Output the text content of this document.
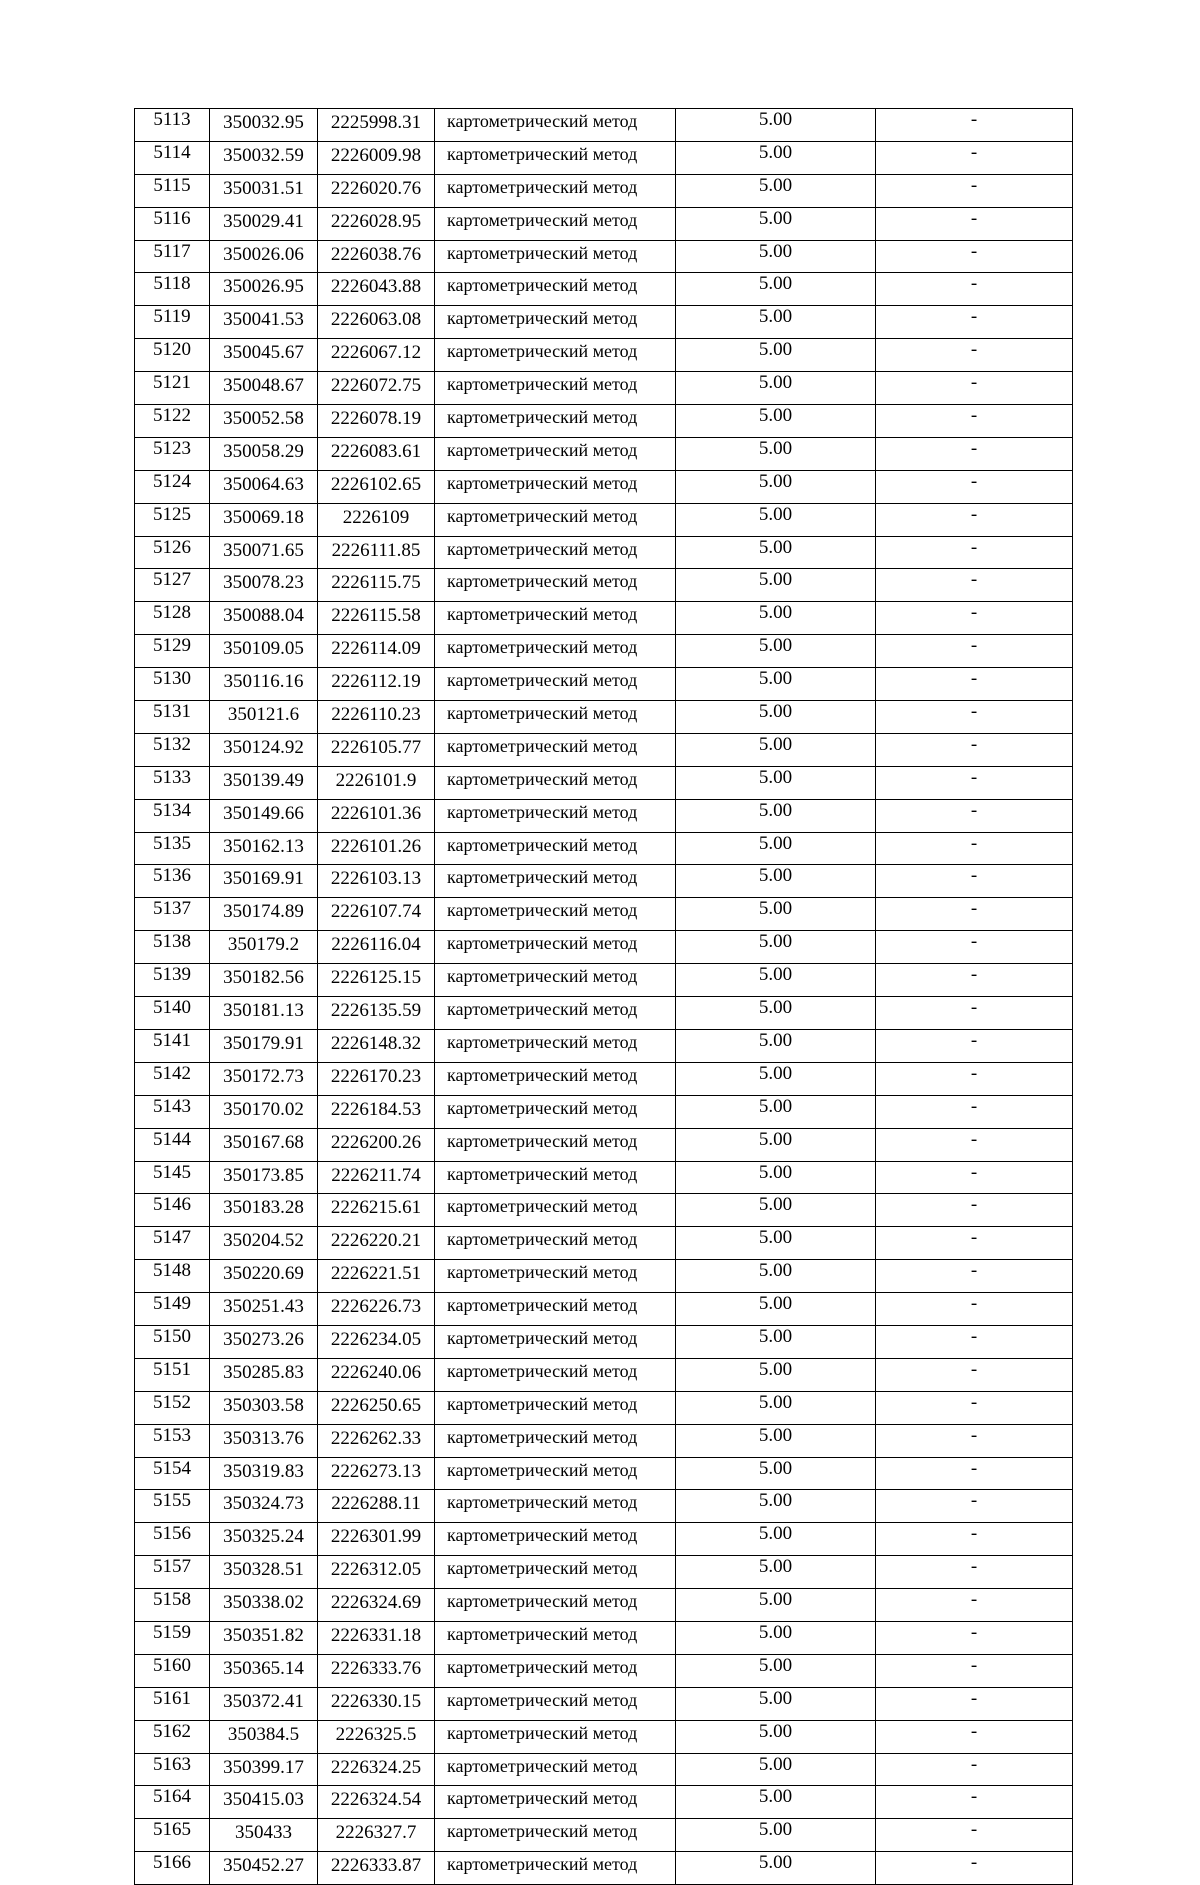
5113	350032.95	2225998.31	картометрический метод	5.00	-
5114	350032.59	2226009.98	картометрический метод	5.00	-
5115	350031.51	2226020.76	картометрический метод	5.00	-
5116	350029.41	2226028.95	картометрический метод	5.00	-
5117	350026.06	2226038.76	картометрический метод	5.00	-
5118	350026.95	2226043.88	картометрический метод	5.00	-
5119	350041.53	2226063.08	картометрический метод	5.00	-
5120	350045.67	2226067.12	картометрический метод	5.00	-
5121	350048.67	2226072.75	картометрический метод	5.00	-
5122	350052.58	2226078.19	картометрический метод	5.00	-
5123	350058.29	2226083.61	картометрический метод	5.00	-
5124	350064.63	2226102.65	картометрический метод	5.00	-
5125	350069.18	2226109	картометрический метод	5.00	-
5126	350071.65	2226111.85	картометрический метод	5.00	-
5127	350078.23	2226115.75	картометрический метод	5.00	-
5128	350088.04	2226115.58	картометрический метод	5.00	-
5129	350109.05	2226114.09	картометрический метод	5.00	-
5130	350116.16	2226112.19	картометрический метод	5.00	-
5131	350121.6	2226110.23	картометрический метод	5.00	-
5132	350124.92	2226105.77	картометрический метод	5.00	-
5133	350139.49	2226101.9	картометрический метод	5.00	-
5134	350149.66	2226101.36	картометрический метод	5.00	-
5135	350162.13	2226101.26	картометрический метод	5.00	-
5136	350169.91	2226103.13	картометрический метод	5.00	-
5137	350174.89	2226107.74	картометрический метод	5.00	-
5138	350179.2	2226116.04	картометрический метод	5.00	-
5139	350182.56	2226125.15	картометрический метод	5.00	-
5140	350181.13	2226135.59	картометрический метод	5.00	-
5141	350179.91	2226148.32	картометрический метод	5.00	-
5142	350172.73	2226170.23	картометрический метод	5.00	-
5143	350170.02	2226184.53	картометрический метод	5.00	-
5144	350167.68	2226200.26	картометрический метод	5.00	-
5145	350173.85	2226211.74	картометрический метод	5.00	-
5146	350183.28	2226215.61	картометрический метод	5.00	-
5147	350204.52	2226220.21	картометрический метод	5.00	-
5148	350220.69	2226221.51	картометрический метод	5.00	-
5149	350251.43	2226226.73	картометрический метод	5.00	-
5150	350273.26	2226234.05	картометрический метод	5.00	-
5151	350285.83	2226240.06	картометрический метод	5.00	-
5152	350303.58	2226250.65	картометрический метод	5.00	-
5153	350313.76	2226262.33	картометрический метод	5.00	-
5154	350319.83	2226273.13	картометрический метод	5.00	-
5155	350324.73	2226288.11	картометрический метод	5.00	-
5156	350325.24	2226301.99	картометрический метод	5.00	-
5157	350328.51	2226312.05	картометрический метод	5.00	-
5158	350338.02	2226324.69	картометрический метод	5.00	-
5159	350351.82	2226331.18	картометрический метод	5.00	-
5160	350365.14	2226333.76	картометрический метод	5.00	-
5161	350372.41	2226330.15	картометрический метод	5.00	-
5162	350384.5	2226325.5	картометрический метод	5.00	-
5163	350399.17	2226324.25	картометрический метод	5.00	-
5164	350415.03	2226324.54	картометрический метод	5.00	-
5165	350433	2226327.7	картометрический метод	5.00	-
5166	350452.27	2226333.87	картометрический метод	5.00	-
